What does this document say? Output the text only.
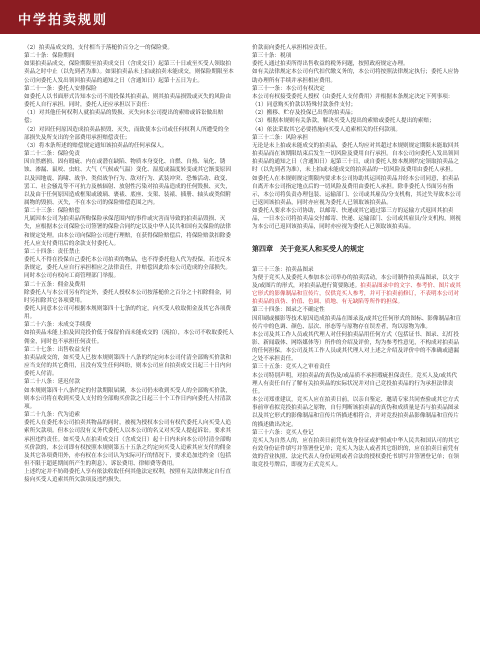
中学拍卖规则

（2）拍卖品成交的，支付相当于落槌价百分之一的保险费。

第二十条：保险期间

如果拍卖品成交，保险期限至拍卖成交日（含成交日）起第三十日或至买受人领取拍卖品之时中止（以先到者为准）。如果拍卖品未上拍或拍卖未能成交，则保险期限至本公司向委托人发出领回拍卖品的通知之日（含通知日）起第十五日为止。

第二十一条：委托人安排保险

如委托人以书面形式告知本公司不需投保其拍卖品，则其拍卖品损毁或灭失的风险由委托人自行承担。同时，委托人还应承担以下责任：

（1）对其他任何权利人就拍卖品的毁损、灭失向本公司提出的索赔或诉讼做出赔偿；

（2）对因任何原因造成拍卖品损毁、灭失，而致使本公司或任何权利人所遭受的全部损失及所支出的全部费用承担赔偿责任；

（3）将本条所述的赔偿规定通知该拍卖品的任何承保人。

第二十二条：保险免责

因自然磨损、固有瑕疵、内在或潜在缺陷、物质本身变化、自燃、自热、氧化、锈蚀、渗漏、鼠咬、虫蛀、大气（气候或气温）变化、湿度或温度转变或其它渐变原因以及因地震、海啸、战争、类似战争行为、敌对行为、武装冲突、恐怖活动、政变、罢工、社会骚乱等不可抗力及核辐射、放射性污染对拍卖品造成的任何毁损、灭失，以及由于任何原因造成框架或玻璃、裹裱、底座、支架、装裱、插册、轴头或类似附属物的毁损、灭失，不在本公司的保险赔偿范围之内。

第二十三条：保险赔偿

凡属因本公司为拍卖品所购保险承保范围内的事件或灾害而导致的拍卖品毁损、灭失，应根据本公司保险公司签署的保险合同约定以及中华人民共和国有关保险的法律和规定处理。由本公司向保险公司进行理赔，在获得保险赔偿后，将保险赔款扣除委托人应支付费用后的余款支付委托人。

第二十四条：责任禁止

委托人不得在投保自己委托本公司拍卖的物品，也不得委托他人代为投保。若违反本条规定，委托人应自行承担相应之法律责任，并赔偿因此给本公司造成的全部损失。同时本公司有权向工商管理部门举报。

第二十五条：佣金及费用

除委托人与本公司另有约定外，委托人授权本公司按落槌价之百分之十扣除佣金，同时另扣除其它各项费用。

委托人同意本公司可根据本规则第四十七条的约定，向买受人收取佣金及其它各项费用。

第二十六条：未成交手续费

如拍卖品未能上拍及因竞投价低于保留价而未能成交的（流拍），本公司不收取委托人佣金，同时也不承担任何责任。

第二十七条：出售收益支付

拍卖品成交的，如买受人已按本规则第四十八条的约定向本公司付清全部购买价款和应当支付的其它费用，且没有发生任何纠纷，则本公司应自拍卖成交日起三十日内向委托人付清。

第二十八条：延迟付款

如本规则第四十八条约定的付款期限届满，本公司仍未收到买受人的全部购买价款，则本公司将在收到买受人支付的全部购买价款之日起三十个工作日内向委托人付清款项。

第二十九条：代为追索

委托人在委托本公司拍卖其物品的同时，被视为授权本公司有权代委托人向买受人追索所欠款项。但本公司没有义务代委托人以本公司的名义对买受人提起诉讼。要求其承担违约责任。如买受人在拍卖成交日（含成交日）起十日内未向本公司付清全部购买价款的，本公司即有权按照本规则第五十五条之约定向买受人追索其应支付的佣金及其它各项费用外，亦有权在本公司认为实际可行的情况下，要求追加违约金（包括但不限于超延期间所产生的利息）、诉讼费用、律师费等费用。

上述约定并不妨碍委托人享有依法收取任何其他法定权利，按照有关法律规定自行直接向买受人追索其所欠款项及违约损失。

价款而向委托人承担相应责任。

第三十条：税项

委托人通过拍卖所得出售收益的税务问题，按照政府规定办理。

如有关法律规定本公司有代扣代缴义务的，本公司将按照法律规定执行；委托人应协助办理所有手续并承担相应费用。

第三十一条：本公司有权决定

本公司有权接受委托人授权（由委托人支付费用）并根据本条规定决定下列事项：

（1）同意购买价款以特殊付款条件支付；

（2）搬移、贮存及投保已出售的拍卖品；

（3）根据本规则有关条款，解决买受人提出的索赔或委托人提出的索赔；

（4）依法采取其它必要措施向买受人追索相关的任何款项。

第三十二条：风险承担

无论是未上拍或未能成交的拍卖品，委托人均应对其超过本规则规定期限未能取回其拍卖品而在该期限结束后发生一切风险及费用自行承担。自本公司向委托人发出领回拍卖品的通知之日（含通知日）起第三十日，或自委托人按本规则约定领取拍卖品之时（以先到者为准），未上拍或未能成交的拍卖品的一切风险及费用由委托人承担。

如委托人在本规则规定期限内要求本公司协助其运回拍卖品并经本公司同意，拍卖品自离开本公司指定地点后的一切风险及费用由委托人承担。除非委托人书面另有指示，本公司将负责办理包装、运输部门、公司或其雇员/分支机构，其过失导致本公司已返回该拍卖品，同时亦应视为委托人已领取该拍卖品。

如委托人要求本公司协助，以邮寄、快递或其它通过第三方的运输方式返回其拍卖品，一日本公司将拍卖品交付邮寄、快递、运输部门、公司或其雇员/分支机构，则视为本公司已返回该拍卖品，同时亦应视为委托人已领取该拍卖品。

第四章　关于竞买人和买受人的规定

第三十三条：拍卖品图录

为便于竞买人及委托人参加本公司举办的拍卖活动，本公司制作拍卖品图录，以文字及/或图片的形式，对拍卖品进行简要陈述。拍卖品图录中的文字、参考价、图片或其它形式的影像制品和宣传片，仅供竞买人参考，并可于拍卖前修订，不表明本公司对拍卖品的真伪、价值、色调、质地、有无缺陷等所作的担保。

第三十四条：图录之不确定性

因印刷或摄影等技术原因造成拍卖品在图录及/或其它任何形式的图标、影像制品和宣传片中的色调、颜色、层次、形态等与原物存在误差者，均以原物为准。

本公司及其工作人员或其代理人对任何拍卖品用任何方式（包括证书、图录、幻灯投影、新闻载体、网络媒体等）所作的介绍及评价，均为参考性意见，不构成对拍卖品的任何担保。本公司及其工作人员或其代理人对上述之介绍及评价中的不准确或遗漏之处不承担责任。

第三十五条：竞买人之审看责任

本公司特别声明，对拍卖品的真伪及/或品质不承担瑕疵担保责任。竞买人及/或其代理人有责任自行了解有关拍卖品的实际状况并对自己竞投拍卖品的行为承担法律责任。

本公司郑重建议，竞买人应在拍卖日前，以亲自鉴定、邀请专家共同查验或其它方式事前审看拟竞投拍卖品之原物，自行判断该拍卖品的真伪和成质量是否与拍卖品图录以及其它形式的影像制品和宣传片所描述相符合，并对竞投拍卖品影像制品和宣传片的描述做出决定。

第三十六条：竞买人登记

竞买人为自然人的，应在拍卖日前凭有效身份证或护照或中华人民共和国认可的其它有效身份证件填写并签署登记单；竞买人为法人或者其它组织的，应在拍卖日前凭有效的营业执照、法定代表人身份证明或者合法的授权委托书填写并签署登记单；在领取竞投号牌后，即视为正式竞买人。
